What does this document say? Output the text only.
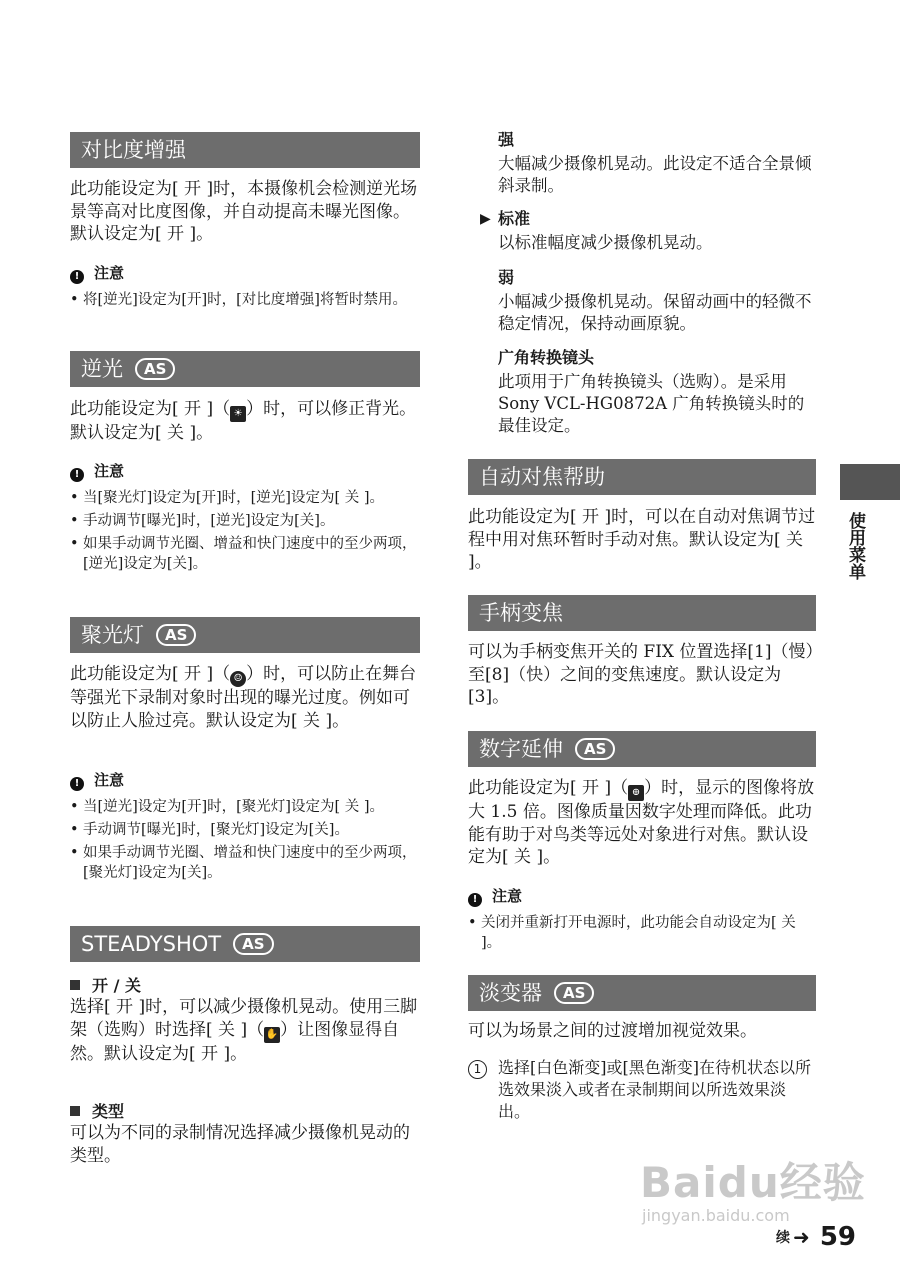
对比度增强

此功能设定为[ 开 ]时，本摄像机会检测逆光场景等高对比度图像，并自动提高未曝光图像。默认设定为[ 开 ]。

! 注意
• 将[逆光]设定为[开]时，[对比度增强]将暂时禁用。
逆光 AS

此功能设定为[ 开 ]（ ☀ ）时，可以修正背光。默认设定为[ 关 ]。

! 注意
• 当[聚光灯]设定为[开]时，[逆光]设定为[ 关 ]。
• 手动调节[曝光]时，[逆光]设定为[关]。
• 如果手动调节光圈、增益和快门速度中的至少两项，[逆光]设定为[关]。
聚光灯 AS

此功能设定为[ 开 ]（ ☺ ）时，可以防止在舞台等强光下录制对象时出现的曝光过度。例如可以防止人脸过亮。默认设定为[ 关 ]。

! 注意
• 当[逆光]设定为[开]时，[聚光灯]设定为[ 关 ]。
• 手动调节[曝光]时，[聚光灯]设定为[关]。
• 如果手动调节光圈、增益和快门速度中的至少两项，[聚光灯]设定为[关]。
STEADYSHOT AS
开 / 关

选择[ 开 ]时，可以减少摄像机晃动。使用三脚架（选购）时选择[ 关 ]（ ✋ ）让图像显得自然。默认设定为[ 开 ]。

类型

可以为不同的录制情况选择减少摄像机晃动的类型。

强

大幅减少摄像机晃动。此设定不适合全景倾斜录制。

▶ 标准

以标准幅度减少摄像机晃动。

弱

小幅减少摄像机晃动。保留动画中的轻微不稳定情况，保持动画原貌。

广角转换镜头

此项用于广角转换镜头（选购）。是采用 Sony VCL-HG0872A 广角转换镜头时的最佳设定。

自动对焦帮助

此功能设定为[ 开 ]时，可以在自动对焦调节过程中用对焦环暂时手动对焦。默认设定为[ 关 ]。

手柄变焦

可以为手柄变焦开关的 FIX 位置选择[1]（慢）至[8]（快）之间的变焦速度。默认设定为[3]。

数字延伸 AS

此功能设定为[ 开 ]（ ⊕ ）时，显示的图像将放大 1.5 倍。图像质量因数字处理而降低。此功能有助于对鸟类等远处对象进行对焦。默认设定为[ 关 ]。

! 注意
• 关闭并重新打开电源时，此功能会自动设定为[ 关 ]。
淡变器 AS

可以为场景之间的过渡增加视觉效果。

1	选择[白色渐变]或[黑色渐变]在待机状态以所选效果淡入或者在录制期间以所选效果淡出。

使用菜单
Baidu经验
jingyan.baidu.com
续 ➜ 59
